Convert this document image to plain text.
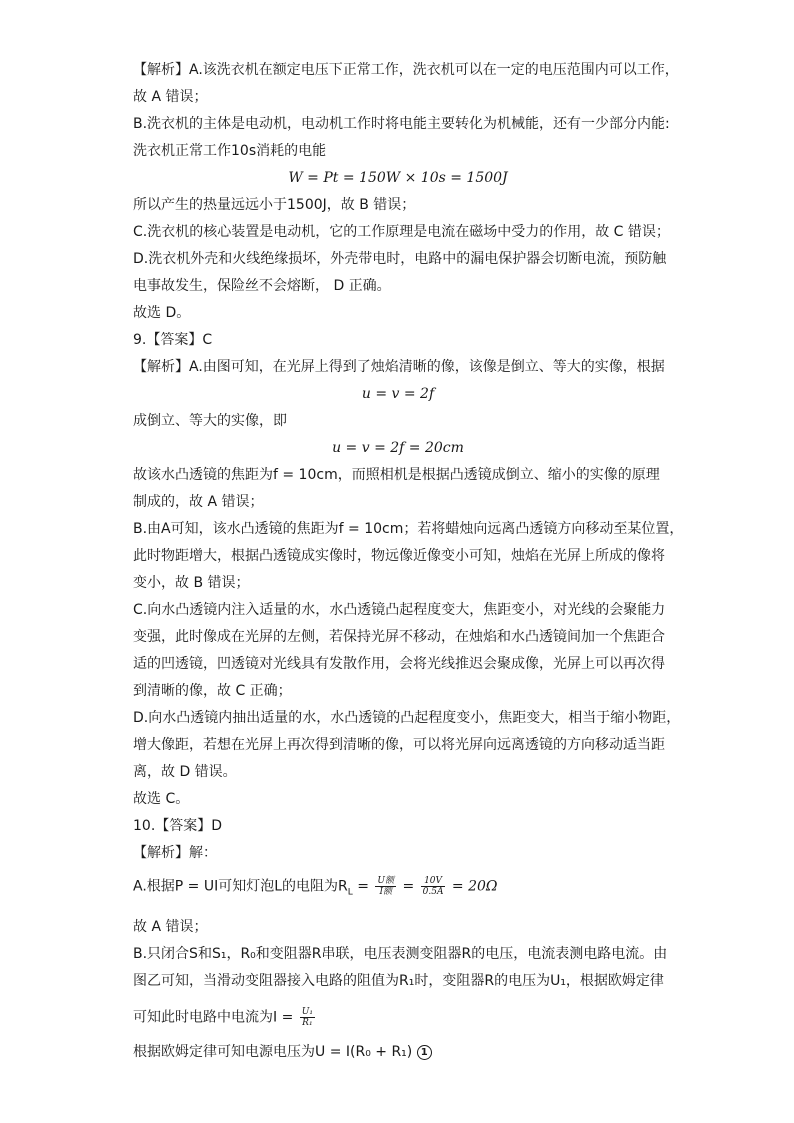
【解析】A.该洗衣机在额定电压下正常工作，洗衣机可以在一定的电压范围内可以工作，
故 A 错误；
B.洗衣机的主体是电动机，电动机工作时将电能主要转化为机械能，还有一少部分内能:
洗衣机正常工作10s消耗的电能
W = Pt = 150W × 10s = 1500J
所以产生的热量远远小于1500J，故 B 错误；
C.洗衣机的核心装置是电动机，它的工作原理是电流在磁场中受力的作用，故 C 错误；
D.洗衣机外壳和火线绝缘损坏，外壳带电时，电路中的漏电保护器会切断电流，预防触
电事故发生，保险丝不会熔断， D 正确。
故选 D。
9.【答案】C
【解析】A.由图可知，在光屏上得到了烛焰清晰的像，该像是倒立、等大的实像，根据
u = v = 2f
成倒立、等大的实像，即
u = v = 2f = 20cm
故该水凸透镜的焦距为f = 10cm，而照相机是根据凸透镜成倒立、缩小的实像的原理
制成的，故 A 错误；
B.由A可知，该水凸透镜的焦距为f = 10cm；若将蜡烛向远离凸透镜方向移动至某位置，
此时物距增大，根据凸透镜成实像时，物远像近像变小可知，烛焰在光屏上所成的像将
变小，故 B 错误；
C.向水凸透镜内注入适量的水，水凸透镜凸起程度变大，焦距变小，对光线的会聚能力
变强，此时像成在光屏的左侧，若保持光屏不移动，在烛焰和水凸透镜间加一个焦距合
适的凹透镜，凹透镜对光线具有发散作用，会将光线推迟会聚成像，光屏上可以再次得
到清晰的像，故 C 正确；
D.向水凸透镜内抽出适量的水，水凸透镜的凸起程度变小，焦距变大，相当于缩小物距，
增大像距，若想在光屏上再次得到清晰的像，可以将光屏向远离透镜的方向移动适当距
离，故 D 错误。
故选 C。
10.【答案】D
【解析】解：
A.根据P = UI可知灯泡L的电阻为$R_L = \frac{\text{U额}}{\text{I额}} = \frac{10V}{0.5A} = 20\Omega$
故 A 错误；
B.只闭合S和S₁，R₀和变阻器R串联，电压表测变阻器R的电压，电流表测电路电流。由
图乙可知，当滑动变阻器接入电路的阻值为R₁时，变阻器R的电压为U₁，根据欧姆定律
可知此时电路中电流为$I = \frac{\text{U₁}}{\text{R₁}}$
根据欧姆定律可知电源电压为U = I(R₀ + R₁) 1
